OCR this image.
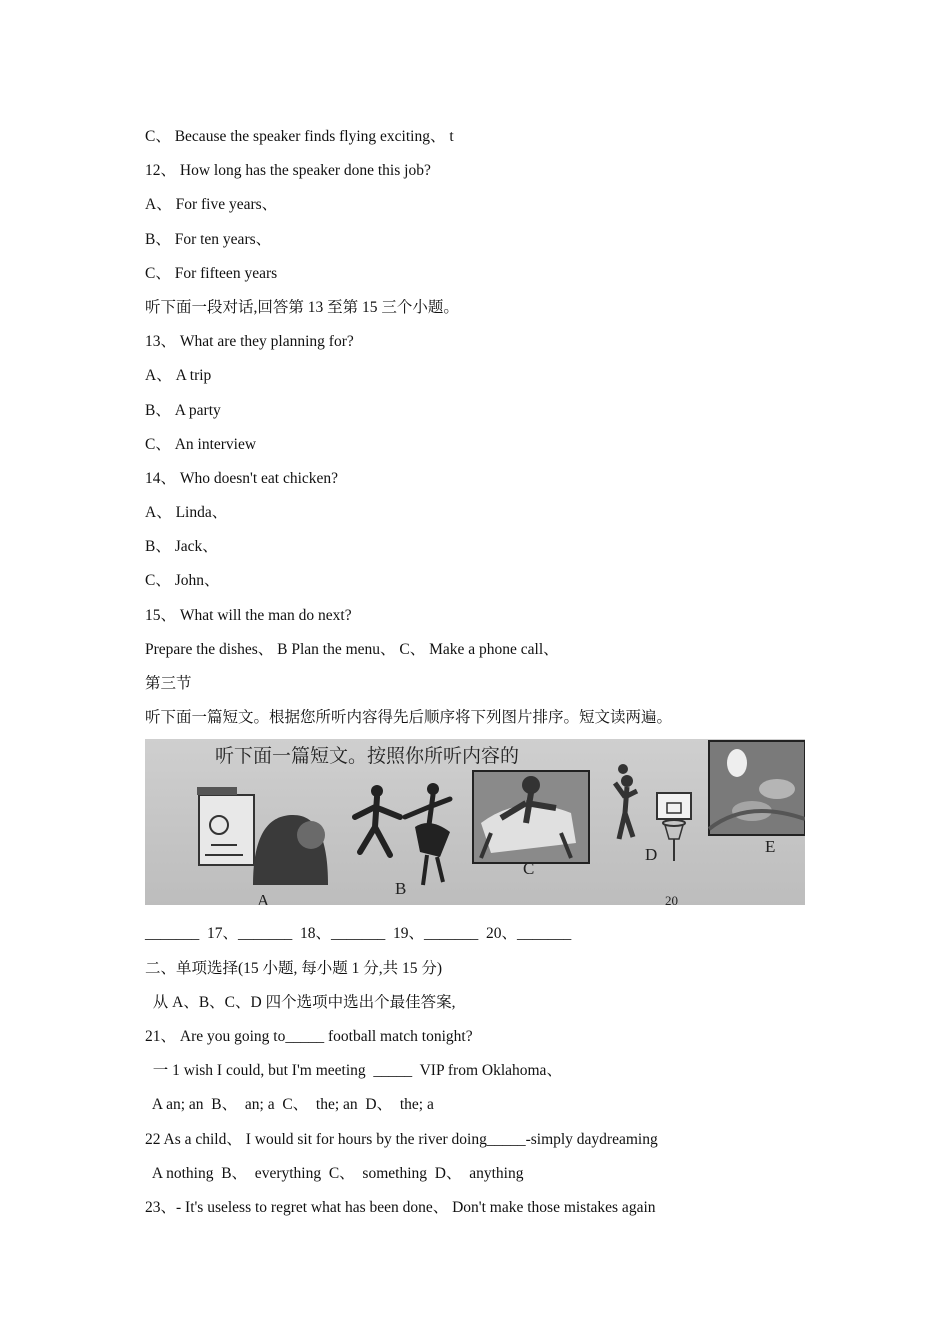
C、 Because the speaker finds flying exciting、 t
12、 How long has the speaker done this job?
A、 For five years、
B、 For ten years、
C、 For fifteen years
听下面一段对话,回答第 13 至第 15 三个小题。
13、 What are they planning for?
A、 A trip
B、 A party
C、 An interview
14、 Who doesn't eat chicken?
A、 Linda、
B、 Jack、
C、 John、
15、 What will the man do next?
Prepare the dishes、 B Plan the menu、 C、 Make a phone call、
第三节
听下面一篇短文。根据您所听内容得先后顺序将下列图片排序。短文读两遍。
听下面一篇短文。按照你所听内容的
A
B
C
D	E
20
_______  17、_______  18、_______  19、_______  20、_______
二、单项选择(15 小题, 每小题 1 分,共 15 分)
从 A、B、C、D 四个选项中选出个最佳答案,
21、 Are you going to_____ football match tonight?
一 1 wish I could, but I'm meeting  _____  VIP from Oklahoma、
A an; an  B、  an; a  C、  the; an  D、  the; a
22 As a child、 I would sit for hours by the river doing_____-simply daydreaming
A nothing  B、  everything  C、  something  D、  anything
23、- It's useless to regret what has been done、 Don't make those mistakes again
